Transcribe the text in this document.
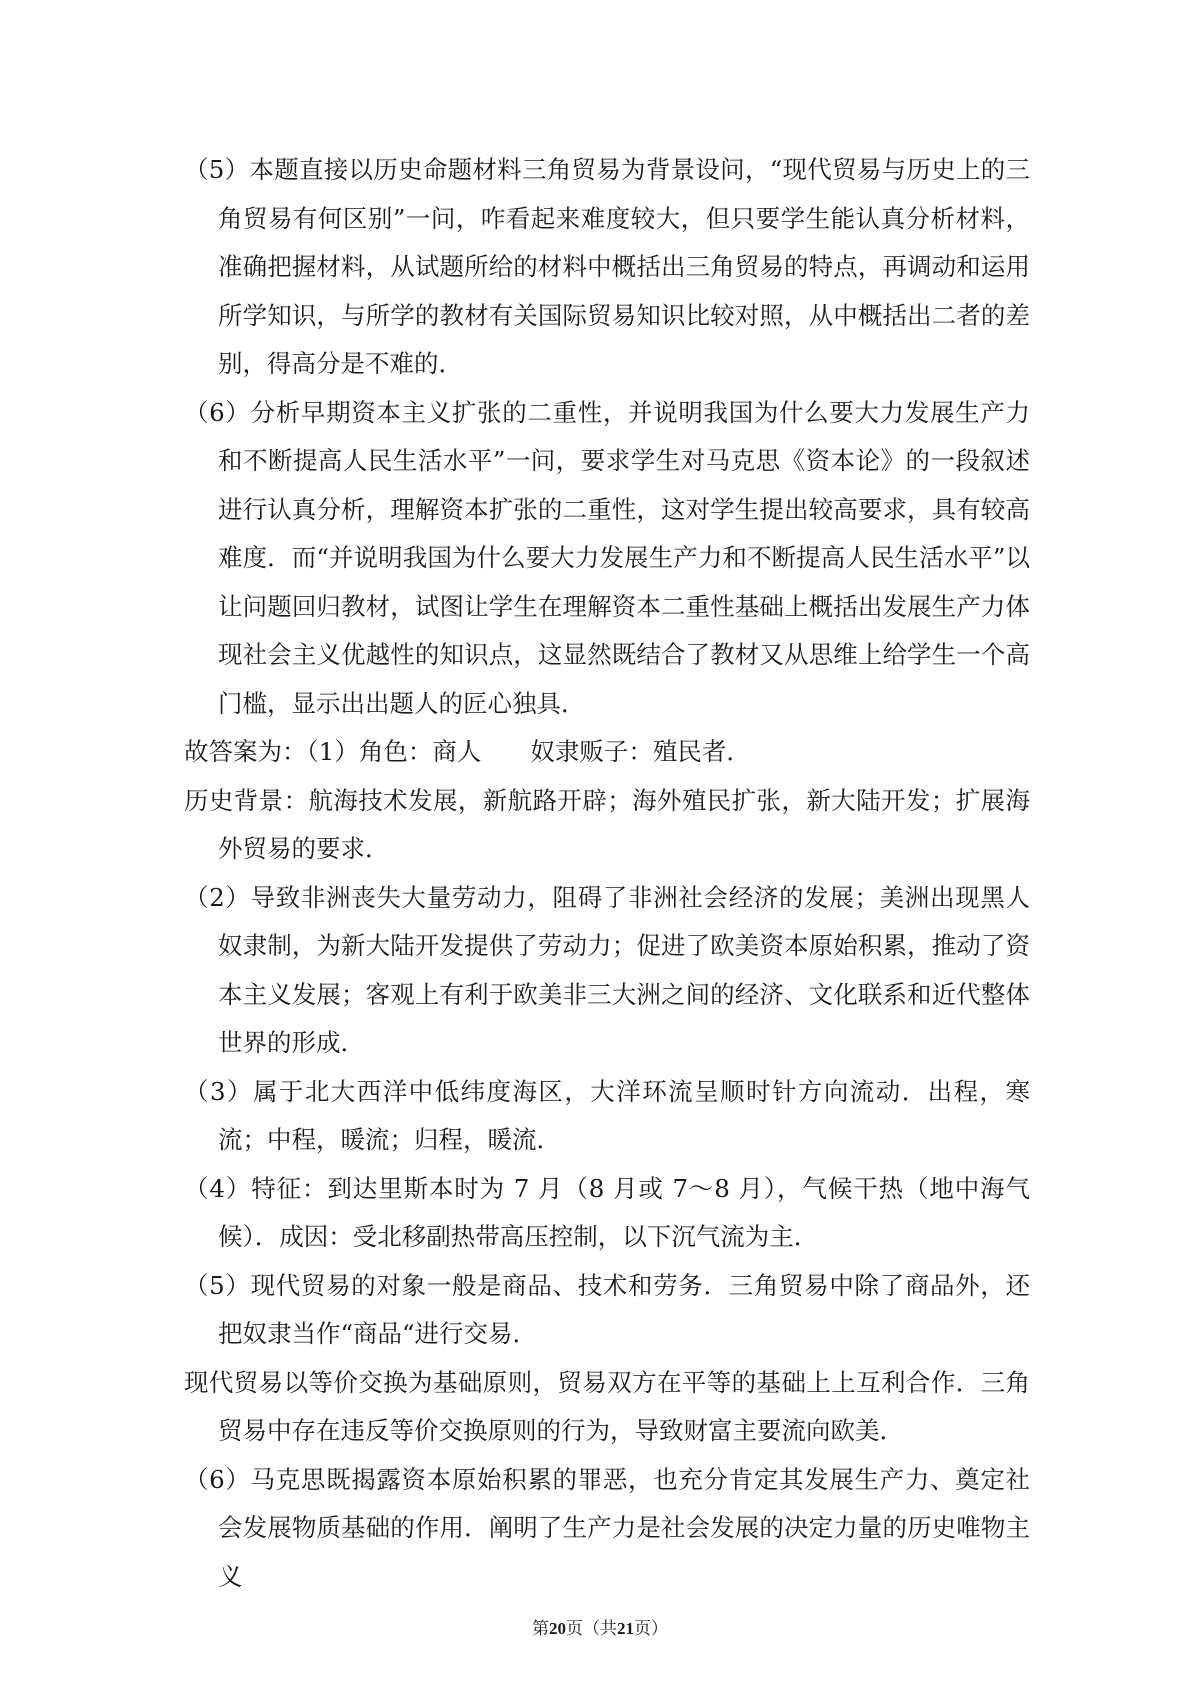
（5）本题直接以历史命题材料三角贸易为背景设问，“现代贸易与历史上的三角贸易有何区别”一问，咋看起来难度较大，但只要学生能认真分析材料，准确把握材料，从试题所给的材料中概括出三角贸易的特点，再调动和运用所学知识，与所学的教材有关国际贸易知识比较对照，从中概括出二者的差别，得高分是不难的．

（6）分析早期资本主义扩张的二重性，并说明我国为什么要大力发展生产力和不断提高人民生活水平”一问，要求学生对马克思《资本论》的一段叙述进行认真分析，理解资本扩张的二重性，这对学生提出较高要求，具有较高难度．而“并说明我国为什么要大力发展生产力和不断提高人民生活水平”以让问题回归教材，试图让学生在理解资本二重性基础上概括出发展生产力体现社会主义优越性的知识点，这显然既结合了教材又从思维上给学生一个高门槛，显示出出题人的匠心独具．

故答案为：（1）角色：商人　　奴隶贩子：殖民者．

历史背景：航海技术发展，新航路开辟；海外殖民扩张，新大陆开发；扩展海外贸易的要求．

（2）导致非洲丧失大量劳动力，阻碍了非洲社会经济的发展；美洲出现黑人奴隶制，为新大陆开发提供了劳动力；促进了欧美资本原始积累，推动了资本主义发展；客观上有利于欧美非三大洲之间的经济、文化联系和近代整体世界的形成．

（3）属于北大西洋中低纬度海区，大洋环流呈顺时针方向流动．出程，寒流；中程，暖流；归程，暖流．

（4）特征：到达里斯本时为 7 月（8 月或 7～8 月），气候干热（地中海气候）．成因：受北移副热带高压控制，以下沉气流为主．

（5）现代贸易的对象一般是商品、技术和劳务．三角贸易中除了商品外，还把奴隶当作“商品“进行交易．

现代贸易以等价交换为基础原则，贸易双方在平等的基础上上互利合作．三角贸易中存在违反等价交换原则的行为，导致财富主要流向欧美．

（6）马克思既揭露资本原始积累的罪恶，也充分肯定其发展生产力、奠定社会发展物质基础的作用．阐明了生产力是社会发展的决定力量的历史唯物主义

第20页（共21页）
